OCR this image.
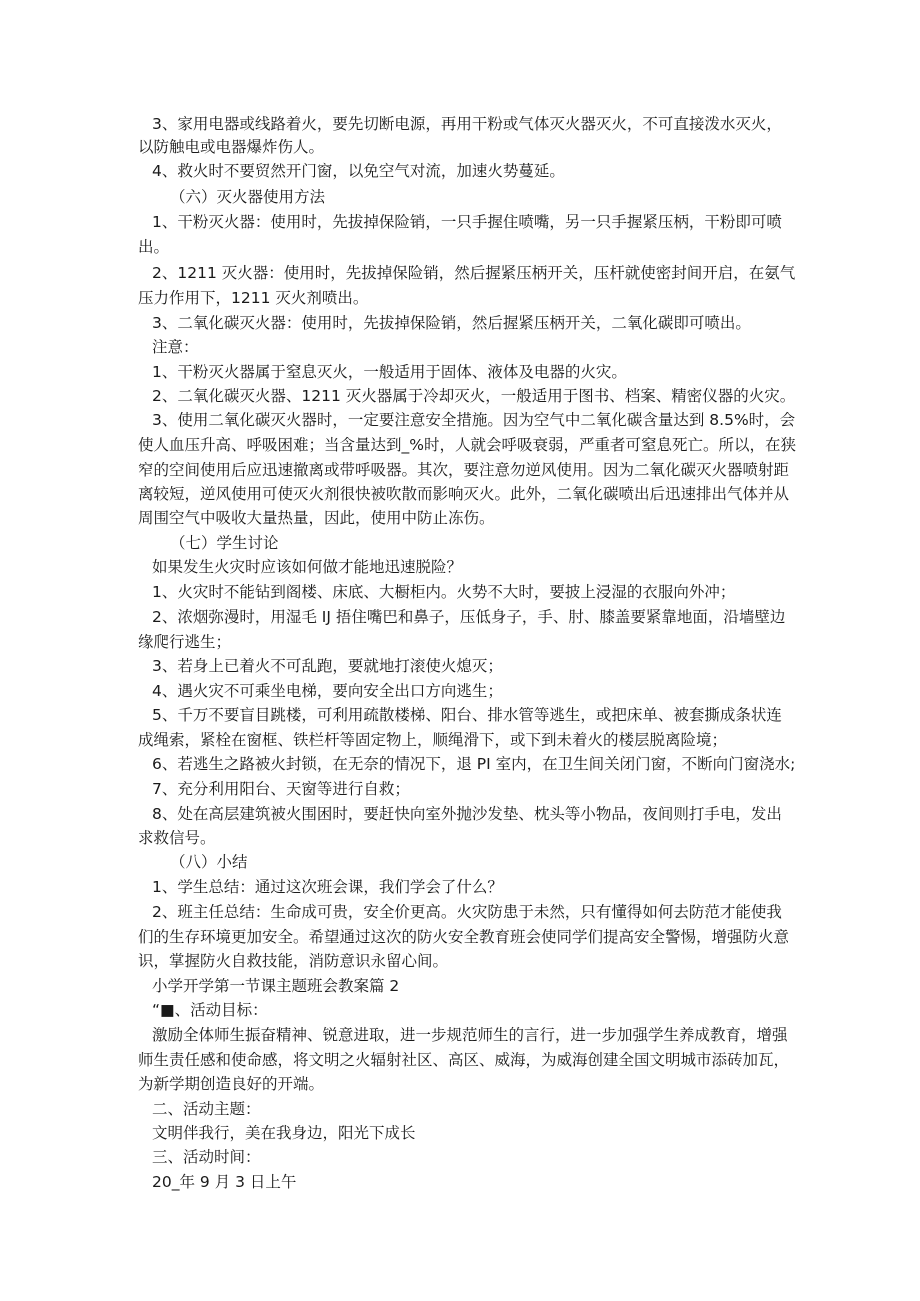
3、家用电器或线路着火，要先切断电源，再用干粉或气体灭火器灭火，不可直接泼水灭火，
以防触电或电器爆炸伤人。
4、救火时不要贸然开门窗，以免空气对流，加速火势蔓延。
（六）灭火器使用方法
1、干粉灭火器：使用时，先拔掉保险销，一只手握住喷嘴，另一只手握紧压柄，干粉即可喷
出。
2、1211 灭火器：使用时，先拔掉保险销，然后握紧压柄开关，压杆就使密封间开启，在氨气
压力作用下，1211 灭火剂喷出。
3、二氧化碳灭火器：使用时，先拔掉保险销，然后握紧压柄开关，二氧化碳即可喷出。
注意：
1、干粉灭火器属于窒息灭火，一般适用于固体、液体及电器的火灾。
2、二氧化碳灭火器、1211 灭火器属于冷却灭火，一般适用于图书、档案、精密仪器的火灾。
3、使用二氧化碳灭火器时，一定要注意安全措施。因为空气中二氧化碳含量达到 8.5%时，会
使人血压升高、呼吸困难；当含量达到_%时，人就会呼吸衰弱，严重者可窒息死亡。所以，在狭
窄的空间使用后应迅速撤离或带呼吸器。其次，要注意勿逆风使用。因为二氧化碳灭火器喷射距
离较短，逆风使用可使灭火剂很快被吹散而影响灭火。此外，二氧化碳喷出后迅速排出气体并从
周围空气中吸收大量热量，因此，使用中防止冻伤。
（七）学生讨论
如果发生火灾时应该如何做才能地迅速脱险？
1、火灾时不能钻到阁楼、床底、大橱柜内。火势不大时，要披上浸湿的衣服向外冲；
2、浓烟弥漫时，用湿毛 IJ 捂住嘴巴和鼻子，压低身子，手、肘、膝盖要紧靠地面，沿墙壁边
缘爬行逃生；
3、若身上已着火不可乱跑，要就地打滚使火熄灭；
4、遇火灾不可乘坐电梯，要向安全出口方向逃生；
5、千万不要盲目跳楼，可利用疏散楼梯、阳台、排水管等逃生，或把床单、被套撕成条状连
成绳索，紧栓在窗框、铁栏杆等固定物上，顺绳滑下，或下到未着火的楼层脱离险境；
6、若逃生之路被火封锁，在无奈的情况下，退 PI 室内，在卫生间关闭门窗，不断向门窗浇水;
7、充分利用阳台、天窗等进行自救；
8、处在高层建筑被火围困时，要赶快向室外抛沙发垫、枕头等小物品，夜间则打手电，发出
求救信号。
（八）小结
1、学生总结：通过这次班会课，我们学会了什么？
2、班主任总结：生命成可贵，安全价更高。火灾防患于未然，只有懂得如何去防范才能使我
们的生存环境更加安全。希望通过这次的防火安全教育班会使同学们提高安全警惕，增强防火意
识，掌握防火自救技能，消防意识永留心间。
小学开学第一节课主题班会教案篇 2
“■、活动目标：
激励全体师生振奋精神、锐意进取，进一步规范师生的言行，进一步加强学生养成教育，增强
师生责任感和使命感，将文明之火辐射社区、高区、威海，为威海创建全国文明城市添砖加瓦，
为新学期创造良好的开端。
二、活动主题：
文明伴我行，美在我身边，阳光下成长
三、活动时间：
20_年 9 月 3 日上午
